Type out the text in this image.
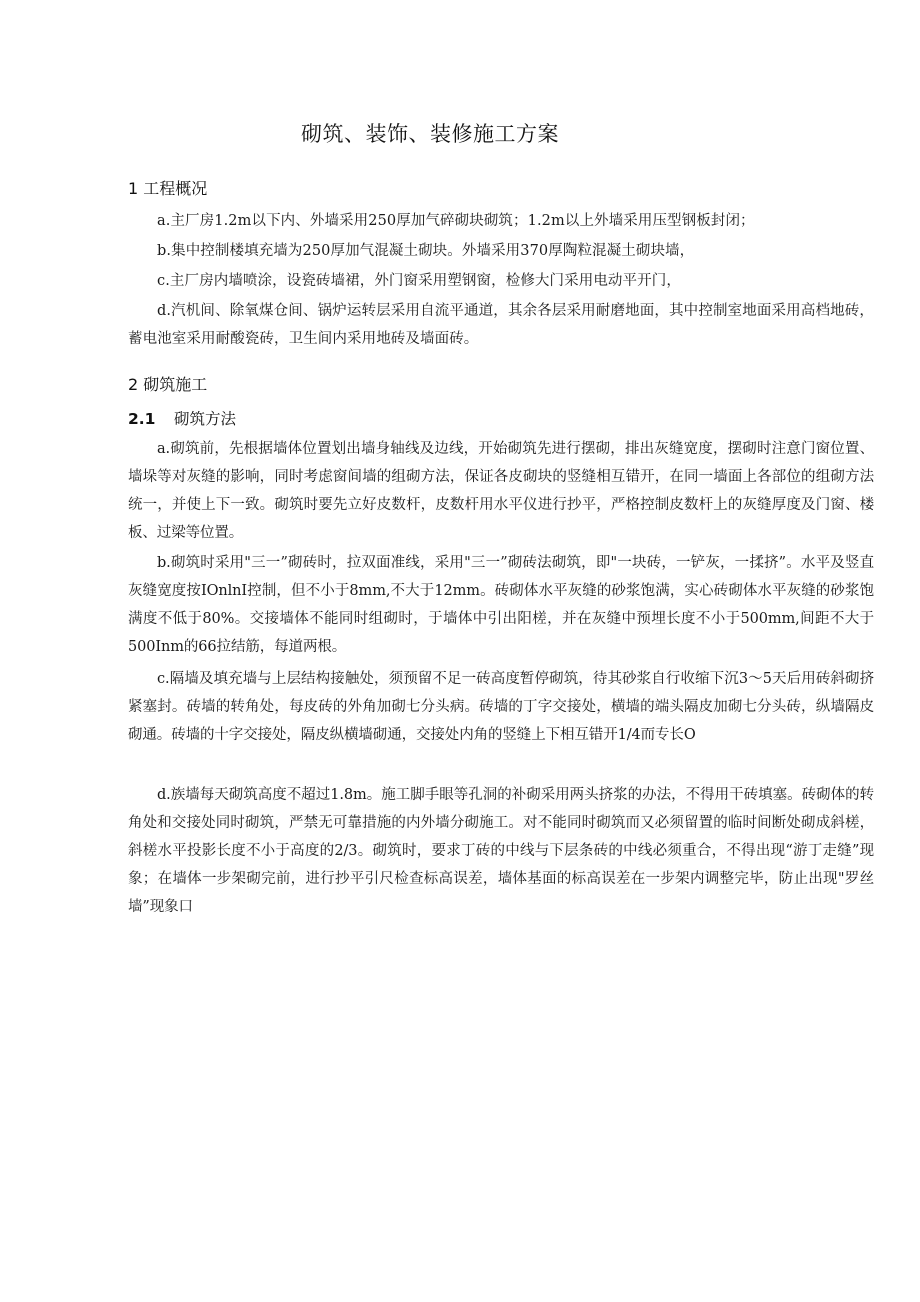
砌筑、装饰、装修施工方案
1 工程概况
a.主厂房1.2m以下内、外墙采用250厚加气碎砌块砌筑；1.2m以上外墙采用压型钢板封闭；
b.集中控制楼填充墙为250厚加气混凝土砌块。外墙采用370厚陶粒混凝土砌块墙，
c.主厂房内墙喷涂，设瓷砖墙裙，外门窗采用塑钢窗，检修大门采用电动平开门，
d.汽机间、除氧煤仓间、锅炉运转层采用自流平通道，其余各层采用耐磨地面，其中控制室地面采用高档地砖，蓄电池室采用耐酸瓷砖，卫生间内采用地砖及墙面砖。
2 砌筑施工
2.1 砌筑方法
a.砌筑前，先根据墙体位置划出墙身轴线及边线，开始砌筑先进行摆砌，排出灰缝宽度，摆砌时注意门窗位置、墙垛等对灰缝的影响，同时考虑窗间墙的组砌方法，保证各皮砌块的竖缝相互错开，在同一墙面上各部位的组砌方法统一，并使上下一致。砌筑时要先立好皮数杆，皮数杆用水平仪进行抄平，严格控制皮数杆上的灰缝厚度及门窗、楼板、过梁等位置。
b.砌筑时采用"三一”砌砖时，拉双面准线，采用"三一”砌砖法砌筑，即"一块砖，一铲灰，一揉挤”。水平及竖直灰缝宽度按IOnlnI控制，但不小于8mm,不大于12mm。砖砌体水平灰缝的砂浆饱满，实心砖砌体水平灰缝的砂浆饱满度不低于80%。交接墙体不能同时组砌时，于墙体中引出阳槎，并在灰缝中预埋长度不小于500mm,间距不大于500Inm的66拉结筋，每道两根。
c.隔墙及填充墙与上层结构接触处，须预留不足一砖高度暂停砌筑，待其砂浆自行收缩下沉3～5天后用砖斜砌挤紧塞封。砖墙的转角处，每皮砖的外角加砌七分头病。砖墙的丁字交接处，横墙的端头隔皮加砌七分头砖，纵墙隔皮砌通。砖墙的十字交接处，隔皮纵横墙砌通，交接处内角的竖缝上下相互错开1/4而专长O
d.族墙每天砌筑高度不超过1.8m。施工脚手眼等孔洞的补砌采用两头挤浆的办法，不得用干砖填塞。砖砌体的转角处和交接处同时砌筑，严禁无可靠措施的内外墙分砌施工。对不能同时砌筑而又必须留置的临时间断处砌成斜槎，斜槎水平投影长度不小于高度的2/3。砌筑时，要求丁砖的中线与下层条砖的中线必须重合，不得出现“游丁走缝”现象；在墙体一步架砌完前，进行抄平引尺检查标高误差，墙体基面的标高误差在一步架内调整完毕，防止出现"罗丝墙”现象口
